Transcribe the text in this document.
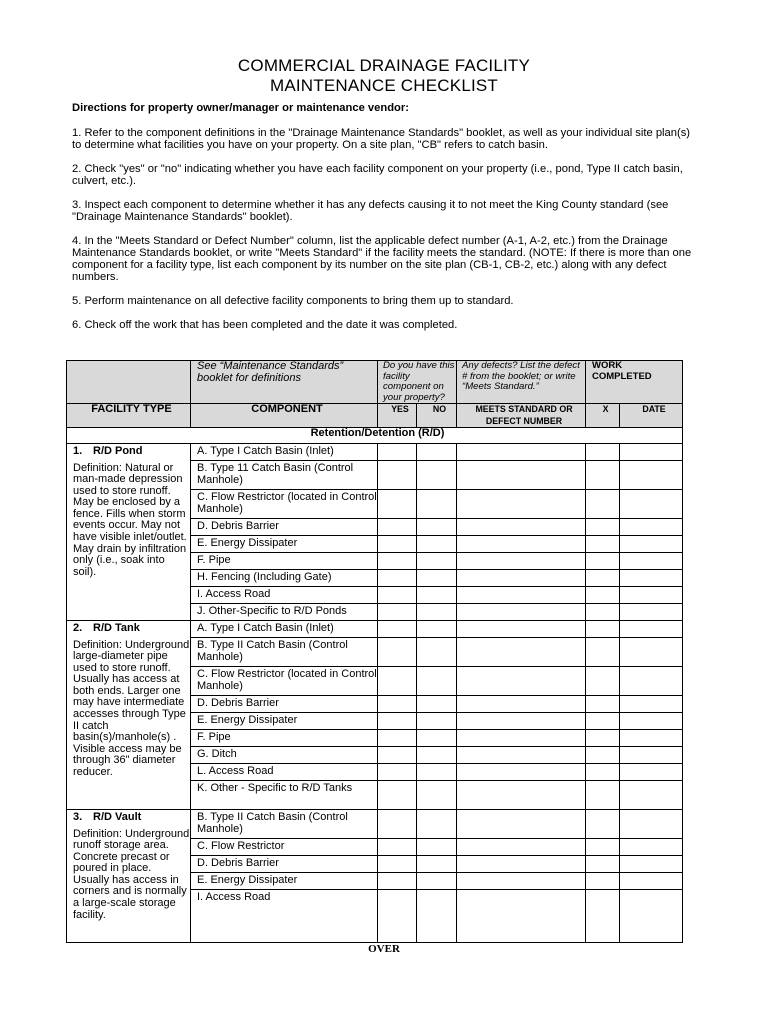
COMMERCIAL DRAINAGE FACILITY
MAINTENANCE CHECKLIST
Directions for property owner/manager or maintenance vendor:

1. Refer to the component definitions in the "Drainage Maintenance Standards" booklet, as well as your individual site plan(s) to determine what facilities you have on your property. On a site plan, "CB" refers to catch basin.

2. Check "yes" or "no" indicating whether you have each facility component on your property (i.e., pond, Type II catch basin, culvert, etc.).

3. Inspect each component to determine whether it has any defects causing it to not meet the King County standard (see "Drainage Maintenance Standards" booklet).

4. In the "Meets Standard or Defect Number" column, list the applicable defect number (A-1, A-2, etc.) from the Drainage Maintenance Standards booklet, or write "Meets Standard" if the facility meets the standard. (NOTE: If there is more than one component for a facility type, list each component by its number on the site plan (CB-1, CB-2, etc.) along with any defect numbers.

5. Perform maintenance on all defective facility components to bring them up to standard.

6. Check off the work that has been completed and the date it was completed.

	See “Maintenance Standards” booklet for definitions	Do you have this facility component on your property?		Any defects? List the defect # from the booklet; or write “Meets Standard.”	WORK COMPLETED	
FACILITY TYPE	COMPONENT	YES	NO	MEETS STANDARD OR DEFECT NUMBER	X	DATE
Retention/Detention (R/D)						

1. R/D Pond
Definition: Natural or man-made depression used to store runoff. May be enclosed by a fence. Fills when storm events occur. May not have visible inlet/outlet. May drain by infiltration only (i.e., soak into soil).	A. Type I Catch Basin (Inlet)					
	B. Type 11 Catch Basin (Control Manhole)					
	C. Flow Restrictor (located in Control Manhole)					
	D. Debris Barrier					
	E. Energy Dissipater					
	F. Pipe					
	H. Fencing (Including Gate)					
	I. Access Road					
	J. Other-Specific to R/D Ponds					

2. R/D Tank
Definition: Underground large-diameter pipe used to store runoff. Usually has access at both ends. Larger one may have intermediate accesses through Type II catch basin(s)/manhole(s) . Visible access may be through 36" diameter reducer.	A. Type I Catch Basin (Inlet)					
	B. Type II Catch Basin (Control Manhole)					
	C. Flow Restrictor (located in Control Manhole)					
	D. Debris Barrier					
	E. Energy Dissipater					
	F. Pipe					
	G. Ditch					
	L. Access Road					
	K. Other - Specific to R/D Tanks					

3. R/D Vault
Definition: Underground runoff storage area. Concrete precast or poured in place. Usually has access in corners and is normally a large-scale storage facility.	B. Type II Catch Basin (Control Manhole)					
	C. Flow Restrictor					
	D. Debris Barrier					
	E. Energy Dissipater					
	I. Access Road					
OVER
